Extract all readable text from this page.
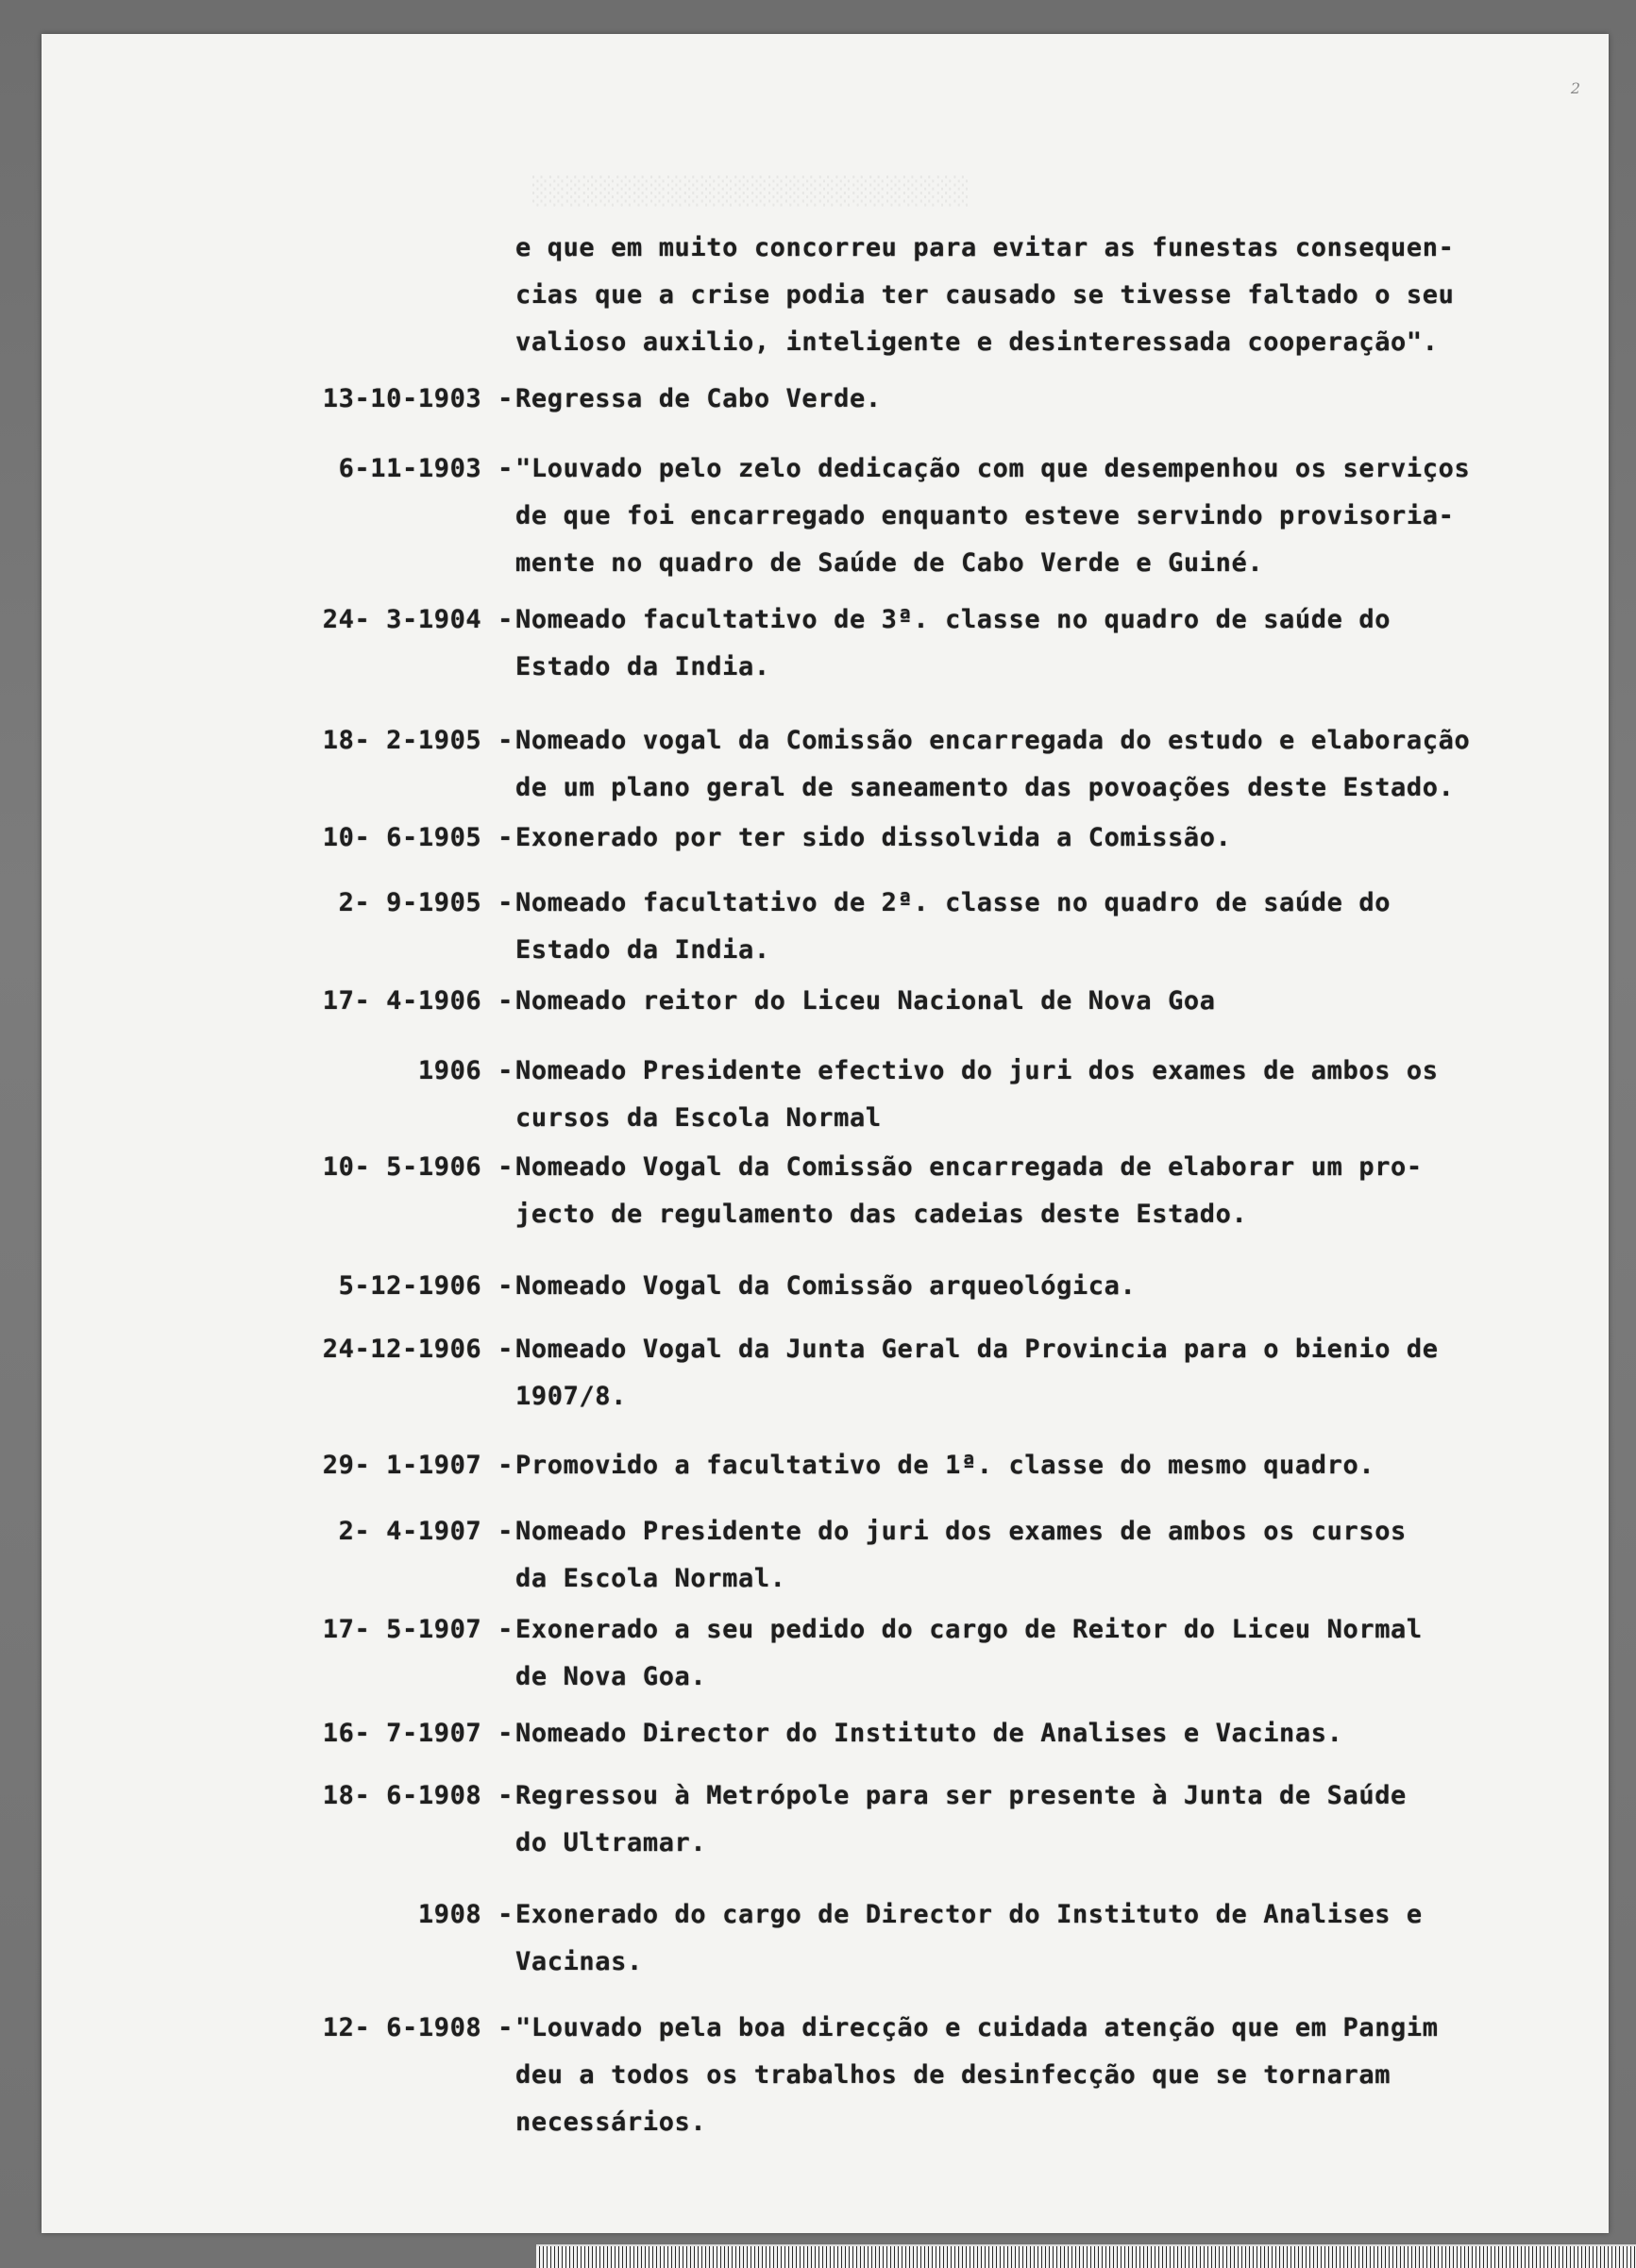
░░░░░░░░░░░░░░░░░░░░░░░░░░
2

e que em muito concorreu para evitar as funestas consequen-
cias que a crise podia ter causado se tivesse faltado o seu
valioso auxilio, inteligente e desinteressada cooperação".

13-10-1903 - Regressa de Cabo Verde.

6-11-1903 - "Louvado pelo zelo dedicação com que desempenhou os serviços
de que foi encarregado enquanto esteve servindo provisoria-
mente no quadro de Saúde de Cabo Verde e Guiné.

24- 3-1904 - Nomeado facultativo de 3ª. classe no quadro de saúde do
Estado da India.

18- 2-1905 - Nomeado vogal da Comissão encarregada do estudo e elaboração
de um plano geral de saneamento das povoações deste Estado.

10- 6-1905 - Exonerado por ter sido dissolvida a Comissão.

2- 9-1905 - Nomeado facultativo de 2ª. classe no quadro de saúde do
Estado da India.

17- 4-1906 - Nomeado reitor do Liceu Nacional de Nova Goa

1906 - Nomeado Presidente efectivo do juri dos exames de ambos os
cursos da Escola Normal

10- 5-1906 - Nomeado Vogal da Comissão encarregada de elaborar um pro-
jecto de regulamento das cadeias deste Estado.

5-12-1906 - Nomeado Vogal da Comissão arqueológica.

24-12-1906 - Nomeado Vogal da Junta Geral da Provincia para o bienio de
1907/8.

29- 1-1907 - Promovido a facultativo de 1ª. classe do mesmo quadro.

2- 4-1907 - Nomeado Presidente do juri dos exames de ambos os cursos
da Escola Normal.

17- 5-1907 - Exonerado a seu pedido do cargo de Reitor do Liceu Normal
de Nova Goa.

16- 7-1907 - Nomeado Director do Instituto de Analises e Vacinas.

18- 6-1908 - Regressou à Metrópole para ser presente à Junta de Saúde
do Ultramar.

1908 - Exonerado do cargo de Director do Instituto de Analises e
Vacinas.

12- 6-1908 - "Louvado pela boa direcção e cuidada atenção que em Pangim
deu a todos os trabalhos de desinfecção que se tornaram
necessários.
